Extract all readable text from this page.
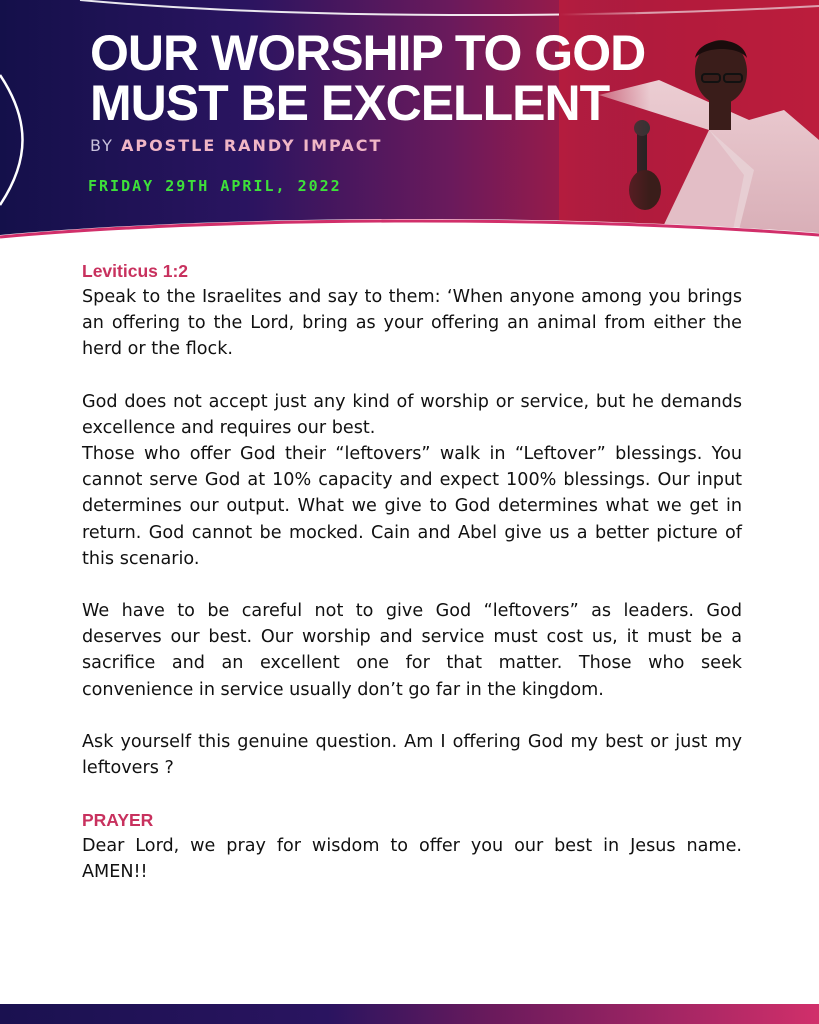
OUR WORSHIP TO GOD
MUST BE EXCELLENT
BY APOSTLE RANDY IMPACT
FRIDAY 29TH APRIL, 2022
Leviticus 1:2

Speak to the Israelites and say to them: ‘When anyone among you brings an offering to the Lord, bring as your offering an animal from either the herd or the flock.

God does not accept just any kind of worship or service, but he demands excellence and requires our best.

Those who offer God their “leftovers” walk in “Leftover” blessings. You cannot serve God at 10% capacity and expect 100% blessings. Our input determines our output. What we give to God determines what we get in return. God cannot be mocked. Cain and Abel give us a better picture of this scenario.

We have to be careful not to give God “leftovers” as leaders. God deserves our best. Our worship and service must cost us, it must be a sacrifice and an excellent one for that matter. Those who seek convenience in service usually don’t go far in the kingdom.

Ask yourself this genuine question. Am I offering God my best or just my leftovers ?

PRAYER

Dear Lord, we pray for wisdom to offer you our best in Jesus name. AMEN!!
